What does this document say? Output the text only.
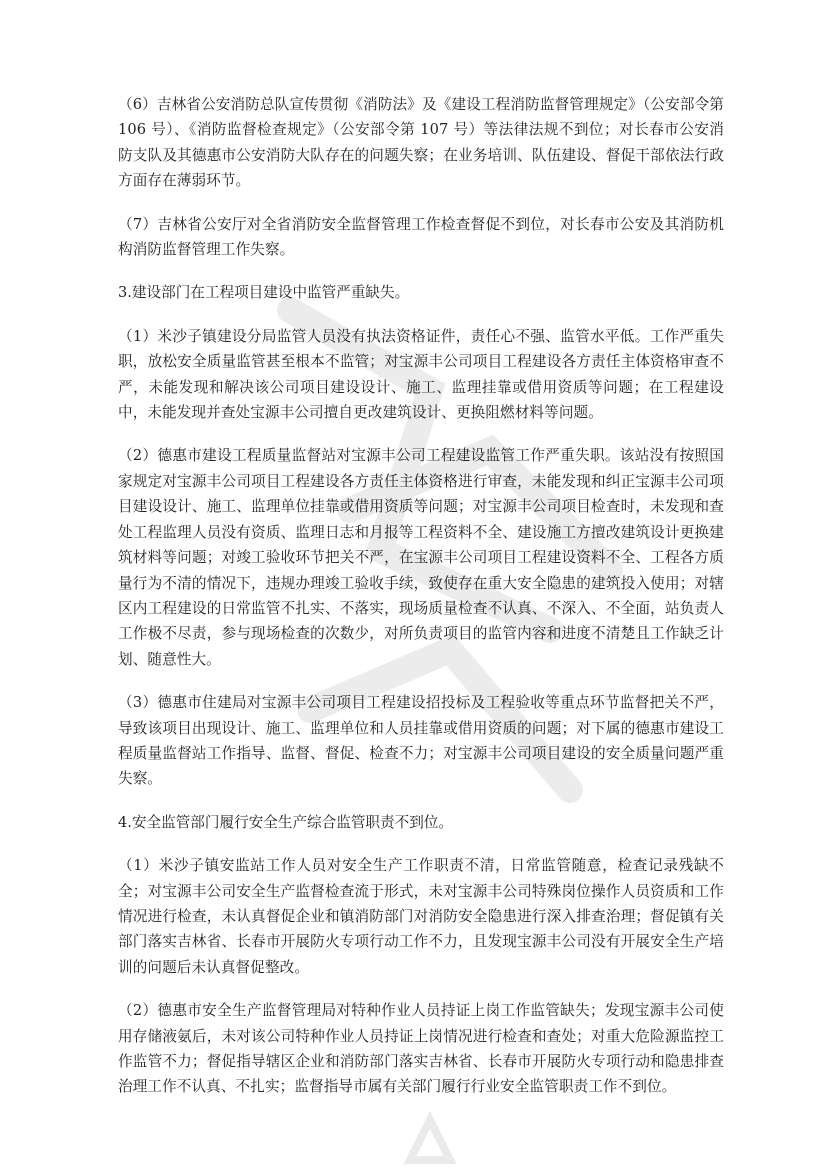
（6）吉林省公安消防总队宣传贯彻《消防法》及《建设工程消防监督管理规定》（公安部令第 106 号）、《消防监督检查规定》（公安部令第 107 号）等法律法规不到位；对长春市公安消防支队及其德惠市公安消防大队存在的问题失察；在业务培训、队伍建设、督促干部依法行政方面存在薄弱环节。

（7）吉林省公安厅对全省消防安全监督管理工作检查督促不到位，对长春市公安及其消防机构消防监督管理工作失察。

3.建设部门在工程项目建设中监管严重缺失。

（1）米沙子镇建设分局监管人员没有执法资格证件，责任心不强、监管水平低。工作严重失职，放松安全质量监管甚至根本不监管；对宝源丰公司项目工程建设各方责任主体资格审查不严，未能发现和解决该公司项目建设设计、施工、监理挂靠或借用资质等问题；在工程建设中，未能发现并查处宝源丰公司擅自更改建筑设计、更换阻燃材料等问题。

（2）德惠市建设工程质量监督站对宝源丰公司工程建设监管工作严重失职。该站没有按照国家规定对宝源丰公司项目工程建设各方责任主体资格进行审查，未能发现和纠正宝源丰公司项目建设设计、施工、监理单位挂靠或借用资质等问题；对宝源丰公司项目检查时，未发现和查处工程监理人员没有资质、监理日志和月报等工程资料不全、建设施工方擅改建筑设计更换建筑材料等问题；对竣工验收环节把关不严，在宝源丰公司项目工程建设资料不全、工程各方质量行为不清的情况下，违规办理竣工验收手续，致使存在重大安全隐患的建筑投入使用；对辖区内工程建设的日常监管不扎实、不落实，现场质量检查不认真、不深入、不全面，站负责人工作极不尽责，参与现场检查的次数少，对所负责项目的监管内容和进度不清楚且工作缺乏计划、随意性大。

（3）德惠市住建局对宝源丰公司项目工程建设招投标及工程验收等重点环节监督把关不严，导致该项目出现设计、施工、监理单位和人员挂靠或借用资质的问题；对下属的德惠市建设工程质量监督站工作指导、监督、督促、检查不力；对宝源丰公司项目建设的安全质量问题严重失察。

4.安全监管部门履行安全生产综合监管职责不到位。

（1）米沙子镇安监站工作人员对安全生产工作职责不清，日常监管随意，检查记录残缺不全；对宝源丰公司安全生产监督检查流于形式，未对宝源丰公司特殊岗位操作人员资质和工作情况进行检查，未认真督促企业和镇消防部门对消防安全隐患进行深入排查治理；督促镇有关部门落实吉林省、长春市开展防火专项行动工作不力，且发现宝源丰公司没有开展安全生产培训的问题后未认真督促整改。

（2）德惠市安全生产监督管理局对特种作业人员持证上岗工作监管缺失；发现宝源丰公司使用存储液氨后，未对该公司特种作业人员持证上岗情况进行检查和查处；对重大危险源监控工作监管不力；督促指导辖区企业和消防部门落实吉林省、长春市开展防火专项行动和隐患排查治理工作不认真、不扎实；监督指导市属有关部门履行行业安全监管职责工作不到位。
